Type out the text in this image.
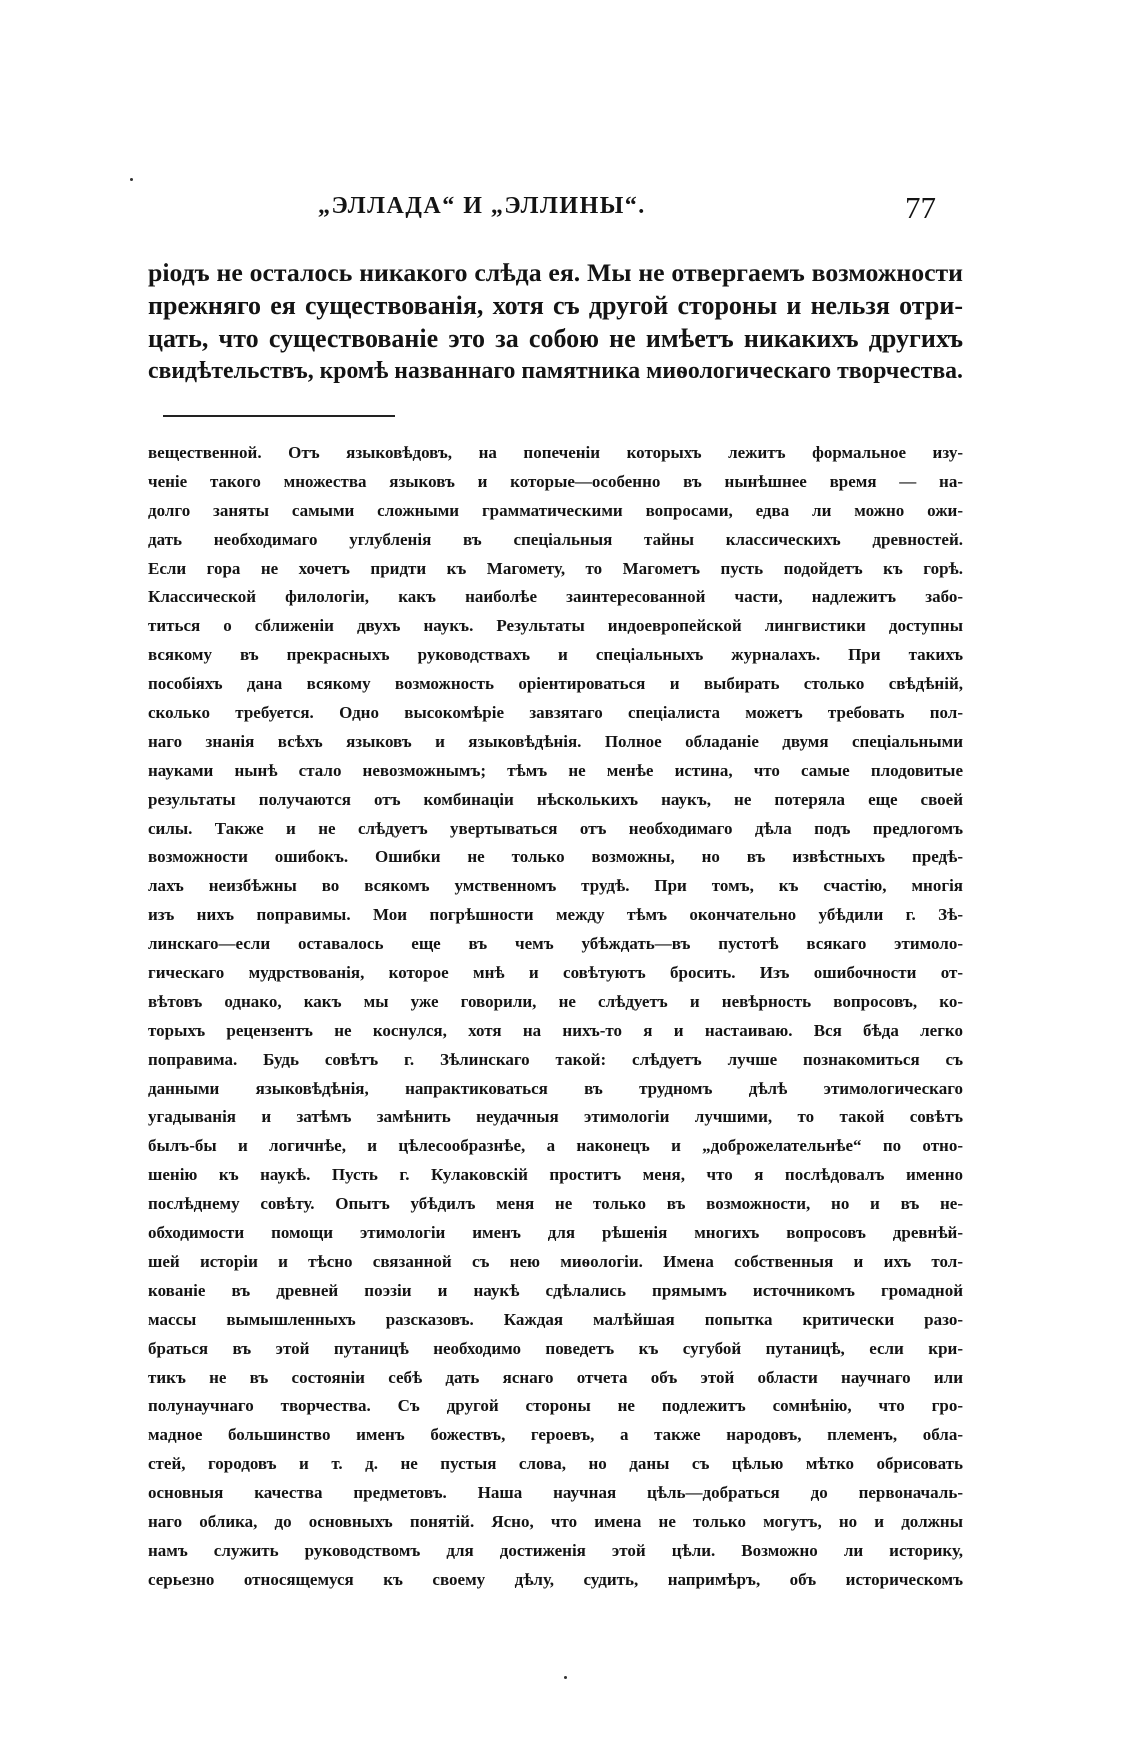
„ЭЛЛАДА“ И „ЭЛЛИНЫ“.	77
ріодъ не осталось никакого слѣда ея. Мы не отвергаемъ возможности
прежняго ея существованія, хотя съ другой стороны и нельзя отри-
цать, что существованіе это за собою не имѣетъ никакихъ другихъ
свидѣтельствъ, кромѣ названнаго памятника миѳологическаго творчества.
вещественной. Отъ языковѣдовъ, на попеченіи которыхъ лежитъ формальное изу-
ченіе такого множества языковъ и которые—особенно въ нынѣшнее время — на-
долго заняты самыми сложными грамматическими вопросами, едва ли можно ожи-
дать необходимаго углубленія въ спеціальныя тайны классическихъ древностей.
Если гора не хочетъ придти къ Магомету, то Магометъ пусть подойдетъ къ горѣ.
Классической филологіи, какъ наиболѣе заинтересованной части, надлежитъ забо-
титься о сближеніи двухъ наукъ. Результаты индоевропейской лингвистики доступны
всякому въ прекрасныхъ руководствахъ и спеціальныхъ журналахъ. При такихъ
пособіяхъ дана всякому возможность оріентироваться и выбирать столько свѣдѣній,
сколько требуется. Одно высокомѣріе завзятаго спеціалиста можетъ требовать пол-
наго знанія всѣхъ языковъ и языковѣдѣнія. Полное обладаніе двумя спеціальными
науками нынѣ стало невозможнымъ; тѣмъ не менѣе истина, что самые плодовитые
результаты получаются отъ комбинаціи нѣсколькихъ наукъ, не потеряла еще своей
силы. Также и не слѣдуетъ увертываться отъ необходимаго дѣла подъ предлогомъ
возможности ошибокъ. Ошибки не только возможны, но въ извѣстныхъ предѣ-
лахъ неизбѣжны во всякомъ умственномъ трудѣ. При томъ, къ счастію, многія
изъ нихъ поправимы. Мои погрѣшности между тѣмъ окончательно убѣдили г. Зѣ-
линскаго—если оставалось еще въ чемъ убѣждать—въ пустотѣ всякаго этимоло-
гическаго мудрствованія, которое мнѣ и совѣтуютъ бросить. Изъ ошибочности от-
вѣтовъ однако, какъ мы уже говорили, не слѣдуетъ и невѣрность вопросовъ, ко-
торыхъ рецензентъ не коснулся, хотя на нихъ-то я и настаиваю. Вся бѣда легко
поправима. Будь совѣтъ г. Зѣлинскаго такой: слѣдуетъ лучше познакомиться съ
данными языковѣдѣнія, напрактиковаться въ трудномъ дѣлѣ этимологическаго
угадыванія и затѣмъ замѣнить неудачныя этимологіи лучшими, то такой совѣтъ
былъ-бы и логичнѣе, и цѣлесообразнѣе, а наконецъ и „доброжелательнѣе“ по отно-
шенію къ наукѣ. Пусть г. Кулаковскій проститъ меня, что я послѣдовалъ именно
послѣднему совѣту. Опытъ убѣдилъ меня не только въ возможности, но и въ не-
обходимости помощи этимологіи именъ для рѣшенія многихъ вопросовъ древнѣй-
шей исторіи и тѣсно связанной съ нею миѳологіи. Имена собственныя и ихъ тол-
кованіе въ древней поэзіи и наукѣ сдѣлались прямымъ источникомъ громадной
массы вымышленныхъ разсказовъ. Каждая малѣйшая попытка критически разо-
браться въ этой путаницѣ необходимо поведетъ къ сугубой путаницѣ, если кри-
тикъ не въ состояніи себѣ дать яснаго отчета объ этой области научнаго или
полунаучнаго творчества. Съ другой стороны не подлежитъ сомнѣнію, что гро-
мадное большинство именъ божествъ, героевъ, а также народовъ, племенъ, обла-
стей, городовъ и т. д. не пустыя слова, но даны съ цѣлью мѣтко обрисовать
основныя качества предметовъ. Наша научная цѣль—добраться до первоначаль-
наго облика, до основныхъ понятій. Ясно, что имена не только могутъ, но и должны
намъ служить руководствомъ для достиженія этой цѣли. Возможно ли историку,
серьезно относящемуся къ своему дѣлу, судить, напримѣръ, объ историческомъ
